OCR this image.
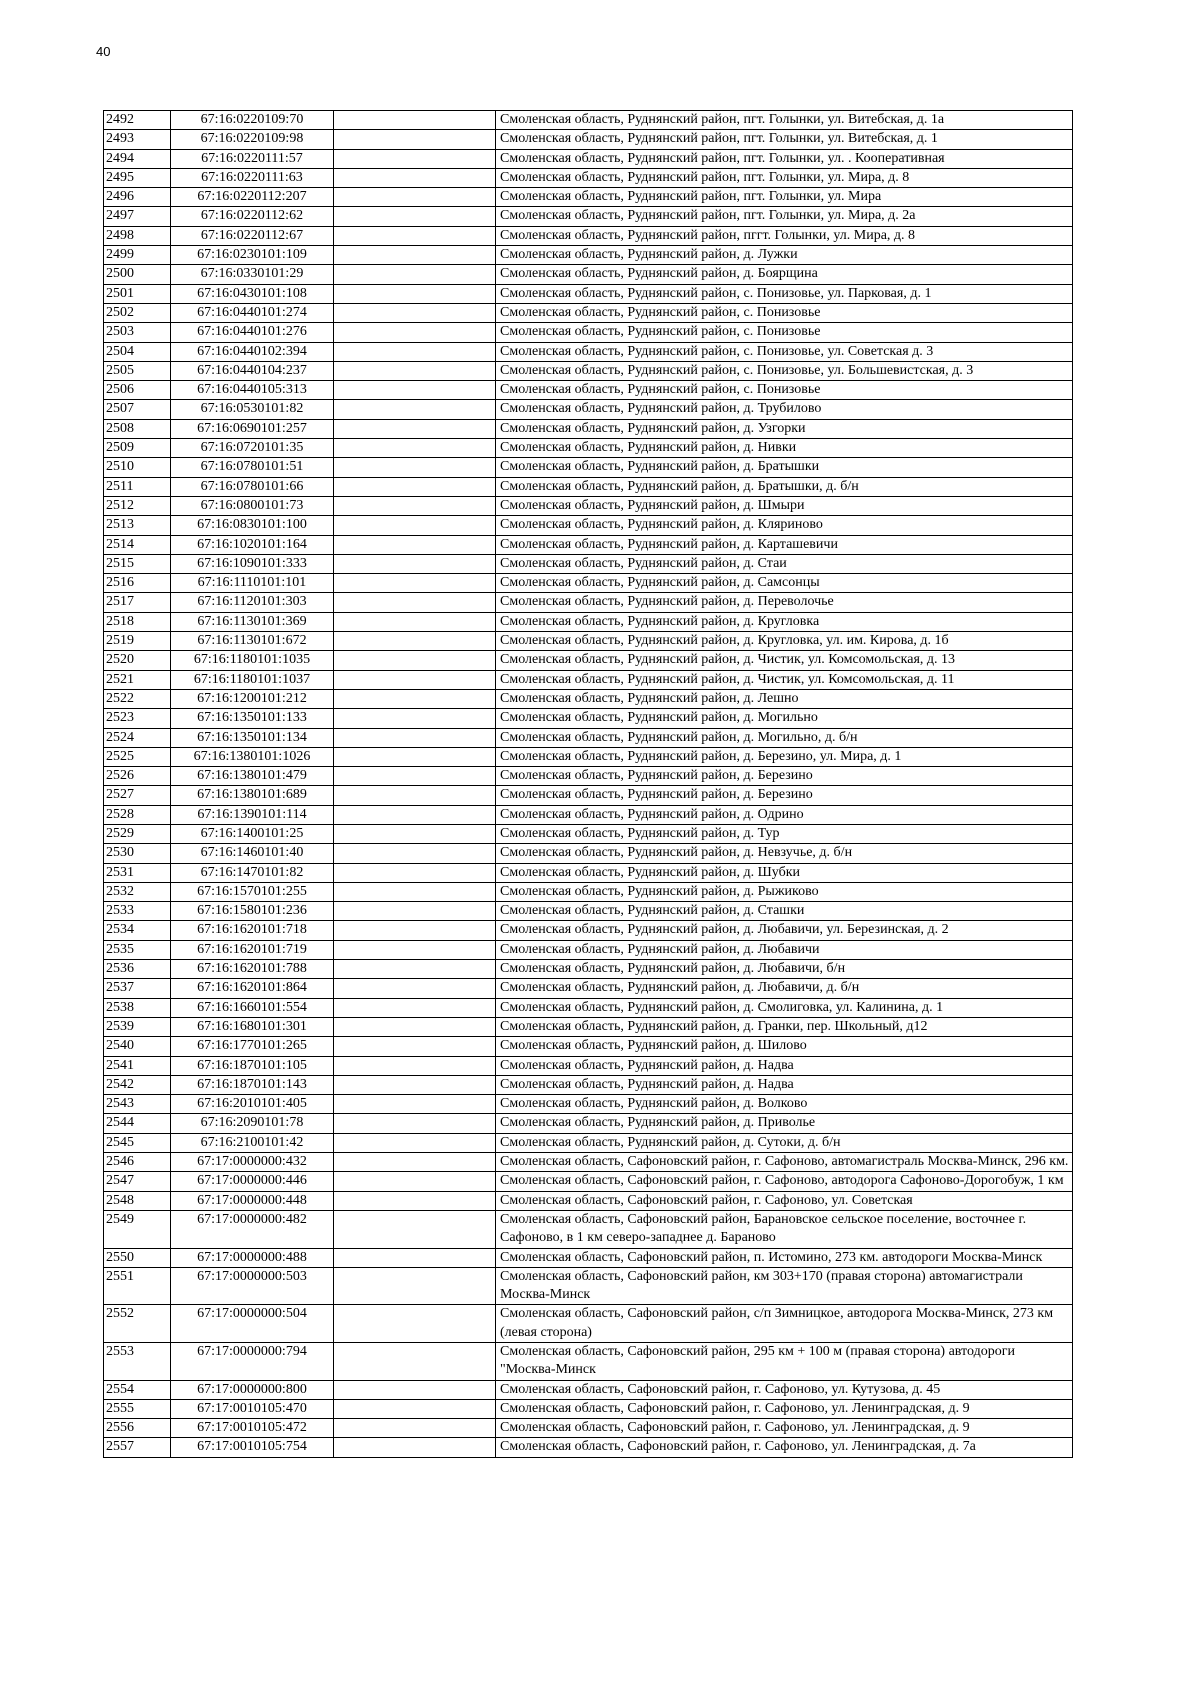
40
2492	67:16:0220109:70		Смоленская область, Руднянский район, пгт. Голынки, ул. Витебская, д. 1а
2493	67:16:0220109:98		Смоленская область, Руднянский район, пгт. Голынки, ул. Витебская, д. 1
2494	67:16:0220111:57		Смоленская область, Руднянский район, пгт. Голынки, ул. . Кооперативная
2495	67:16:0220111:63		Смоленская область, Руднянский район, пгт. Голынки, ул. Мира, д. 8
2496	67:16:0220112:207		Смоленская область, Руднянский район, пгт. Голынки, ул. Мира
2497	67:16:0220112:62		Смоленская область, Руднянский район, пгт. Голынки, ул. Мира, д. 2а
2498	67:16:0220112:67		Смоленская область, Руднянский район, пггт. Голынки, ул. Мира, д. 8
2499	67:16:0230101:109		Смоленская область, Руднянский район, д. Лужки
2500	67:16:0330101:29		Смоленская область, Руднянский район, д. Боярщина
2501	67:16:0430101:108		Смоленская область, Руднянский район, с. Понизовье, ул. Парковая, д. 1
2502	67:16:0440101:274		Смоленская область, Руднянский район, с. Понизовье
2503	67:16:0440101:276		Смоленская область, Руднянский район, с. Понизовье
2504	67:16:0440102:394		Смоленская область, Руднянский район, с. Понизовье, ул. Советская д. 3
2505	67:16:0440104:237		Смоленская область, Руднянский район, с. Понизовье, ул. Большевистская, д. 3
2506	67:16:0440105:313		Смоленская область, Руднянский район, с. Понизовье
2507	67:16:0530101:82		Смоленская область, Руднянский район, д. Трубилово
2508	67:16:0690101:257		Смоленская область, Руднянский район, д. Узгорки
2509	67:16:0720101:35		Смоленская область, Руднянский район, д. Нивки
2510	67:16:0780101:51		Смоленская область, Руднянский район, д. Братышки
2511	67:16:0780101:66		Смоленская область, Руднянский район, д. Братышки, д. б/н
2512	67:16:0800101:73		Смоленская область, Руднянский район, д. Шмыри
2513	67:16:0830101:100		Смоленская область, Руднянский район, д. Кляриново
2514	67:16:1020101:164		Смоленская область, Руднянский район, д. Карташевичи
2515	67:16:1090101:333		Смоленская область, Руднянский район, д. Стаи
2516	67:16:1110101:101		Смоленская область, Руднянский район, д. Самсонцы
2517	67:16:1120101:303		Смоленская область, Руднянский район, д. Переволочье
2518	67:16:1130101:369		Смоленская область, Руднянский район, д. Кругловка
2519	67:16:1130101:672		Смоленская область, Руднянский район, д. Кругловка, ул. им. Кирова, д. 1б
2520	67:16:1180101:1035		Смоленская область, Руднянский район, д. Чистик, ул. Комсомольская, д. 13
2521	67:16:1180101:1037		Смоленская область, Руднянский район, д. Чистик, ул. Комсомольская, д. 11
2522	67:16:1200101:212		Смоленская область, Руднянский район, д. Лешно
2523	67:16:1350101:133		Смоленская область, Руднянский район, д. Могильно
2524	67:16:1350101:134		Смоленская область, Руднянский район, д. Могильно, д. б/н
2525	67:16:1380101:1026		Смоленская область, Руднянский район, д. Березино, ул. Мира, д. 1
2526	67:16:1380101:479		Смоленская область, Руднянский район, д. Березино
2527	67:16:1380101:689		Смоленская область, Руднянский район, д. Березино
2528	67:16:1390101:114		Смоленская область, Руднянский район, д. Одрино
2529	67:16:1400101:25		Смоленская область, Руднянский район, д. Тур
2530	67:16:1460101:40		Смоленская область, Руднянский район, д. Невзучье, д. б/н
2531	67:16:1470101:82		Смоленская область, Руднянский район, д. Шубки
2532	67:16:1570101:255		Смоленская область, Руднянский район, д. Рыжиково
2533	67:16:1580101:236		Смоленская область, Руднянский район, д. Сташки
2534	67:16:1620101:718		Смоленская область, Руднянский район, д. Любавичи, ул. Березинская, д. 2
2535	67:16:1620101:719		Смоленская область, Руднянский район, д. Любавичи
2536	67:16:1620101:788		Смоленская область, Руднянский район, д. Любавичи, б/н
2537	67:16:1620101:864		Смоленская область, Руднянский район, д. Любавичи, д. б/н
2538	67:16:1660101:554		Смоленская область, Руднянский район, д. Смолиговка, ул. Калинина, д. 1
2539	67:16:1680101:301		Смоленская область, Руднянский район, д. Гранки, пер. Школьный, д12
2540	67:16:1770101:265		Смоленская область, Руднянский район, д. Шилово
2541	67:16:1870101:105		Смоленская область, Руднянский район, д. Надва
2542	67:16:1870101:143		Смоленская область, Руднянский район, д. Надва
2543	67:16:2010101:405		Смоленская область, Руднянский район, д. Волково
2544	67:16:2090101:78		Смоленская область, Руднянский район, д. Приволье
2545	67:16:2100101:42		Смоленская область, Руднянский район, д. Сутоки, д. б/н
2546	67:17:0000000:432		Смоленская область, Сафоновский район, г. Сафоново, автомагистраль Москва-Минск, 296 км.
2547	67:17:0000000:446		Смоленская область, Сафоновский район, г. Сафоново, автодорога Сафоново-Дорогобуж, 1 км
2548	67:17:0000000:448		Смоленская область, Сафоновский район, г. Сафоново, ул. Советская
2549	67:17:0000000:482		Смоленская область, Сафоновский район, Барановское сельское поселение, восточнее г. Сафоново, в 1 км северо-западнее д. Бараново
2550	67:17:0000000:488		Смоленская область, Сафоновский район, п. Истомино, 273 км. автодороги Москва-Минск
2551	67:17:0000000:503		Смоленская область, Сафоновский район, км 303+170 (правая сторона) автомагистрали Москва-Минск
2552	67:17:0000000:504		Смоленская область, Сафоновский район, с/п Зимницкое, автодорога Москва-Минск, 273 км (левая сторона)
2553	67:17:0000000:794		Смоленская область, Сафоновский район, 295 км + 100 м (правая сторона) автодороги "Москва-Минск
2554	67:17:0000000:800		Смоленская область, Сафоновский район, г. Сафоново, ул. Кутузова, д. 45
2555	67:17:0010105:470		Смоленская область, Сафоновский район, г. Сафоново, ул. Ленинградская, д. 9
2556	67:17:0010105:472		Смоленская область, Сафоновский район, г. Сафоново, ул. Ленинградская, д. 9
2557	67:17:0010105:754		Смоленская область, Сафоновский район, г. Сафоново, ул. Ленинградская, д. 7а
